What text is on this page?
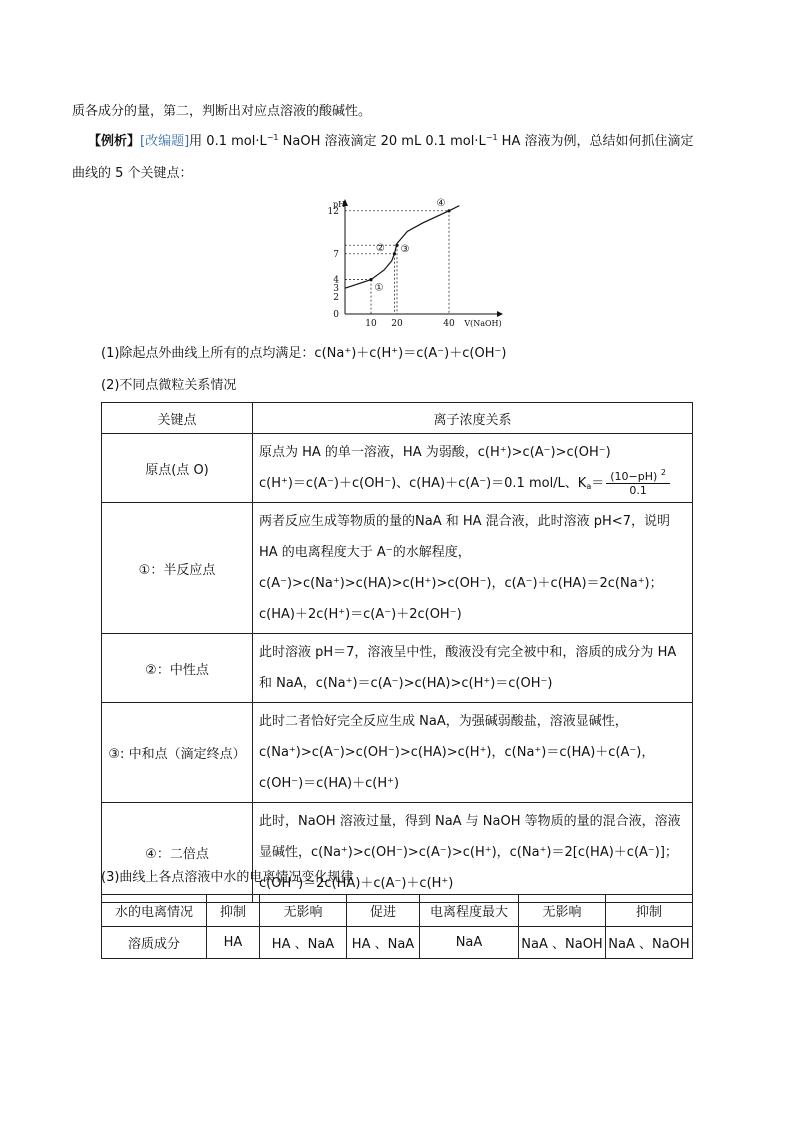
质各成分的量，第二，判断出对应点溶液的酸碱性。
【例析】[改编题]用 0.1 $mol\cdot L^{-1}$ NaOH 溶液滴定 20 mL 0.1 $mol\cdot L^{-1}$ HA 溶液为例，总结如何抓住滴定
曲线的 5 个关键点：
pH
V(NaOH)
0
2
3
4
7
12
10 20	40
①
② ③
④
(1)除起点外曲线上所有的点均满足：c(Na⁺)＋c(H⁺)＝c(A⁻)＋c(OH⁻)
(2)不同点微粒关系情况
关键点	离子浓度关系
原点(点 O)	原点为 HA 的单一溶液，HA 为弱酸，c(H⁺)>c(A⁻)>c(OH⁻)
c(H⁺)＝c(A⁻)＋c(OH⁻)、c(HA)＋c(A⁻)＝0.1 mol/L、$K_a= \frac{(10-pH) ^2}{0.1}$

①：半反应点	两者反应生成等物质的量的NaA 和 HA 混合液，此时溶液 pH<7，说明HA 的电离程度大于 A⁻的水解程度，c(A⁻)>c(Na⁺)>c(HA)>c(H⁺)>c(OH⁻)，c(A⁻)＋c(HA)＝2c(Na⁺)；c(HA)＋2c(H⁺)＝c(A⁻)＋2c(OH⁻)
②：中性点	此时溶液 pH＝7，溶液呈中性，酸液没有完全被中和，溶质的成分为 HA 和 NaA，c(Na⁺)＝c(A⁻)>c(HA)>c(H⁺)＝c(OH⁻)
③: 中和点（滴定终点）	此时二者恰好完全反应生成 NaA，为强碱弱酸盐，溶液显碱性，c(Na⁺)>c(A⁻)>c(OH⁻)>c(HA)>c(H⁺)，c(Na⁺)＝c(HA)＋c(A⁻)，c(OH⁻)＝c(HA)＋c(H⁺)
④：二倍点	此时，NaOH 溶液过量，得到 NaA 与 NaOH 等物质的量的混合液，溶液显碱性，c(Na⁺)>c(OH⁻)>c(A⁻)>c(H⁺)，c(Na⁺)＝2[c(HA)＋c(A⁻)]；c(OH⁻)＝2c(HA)＋c(A⁻)＋c(H⁺)
(3)曲线上各点溶液中水的电离情况变化规律
水的电离情况	抑制	无影响	促进	电离程度最大	无影响	抑制
溶质成分	HA	HA 、NaA	HA 、NaA	NaA	NaA 、NaOH	NaA 、NaOH
